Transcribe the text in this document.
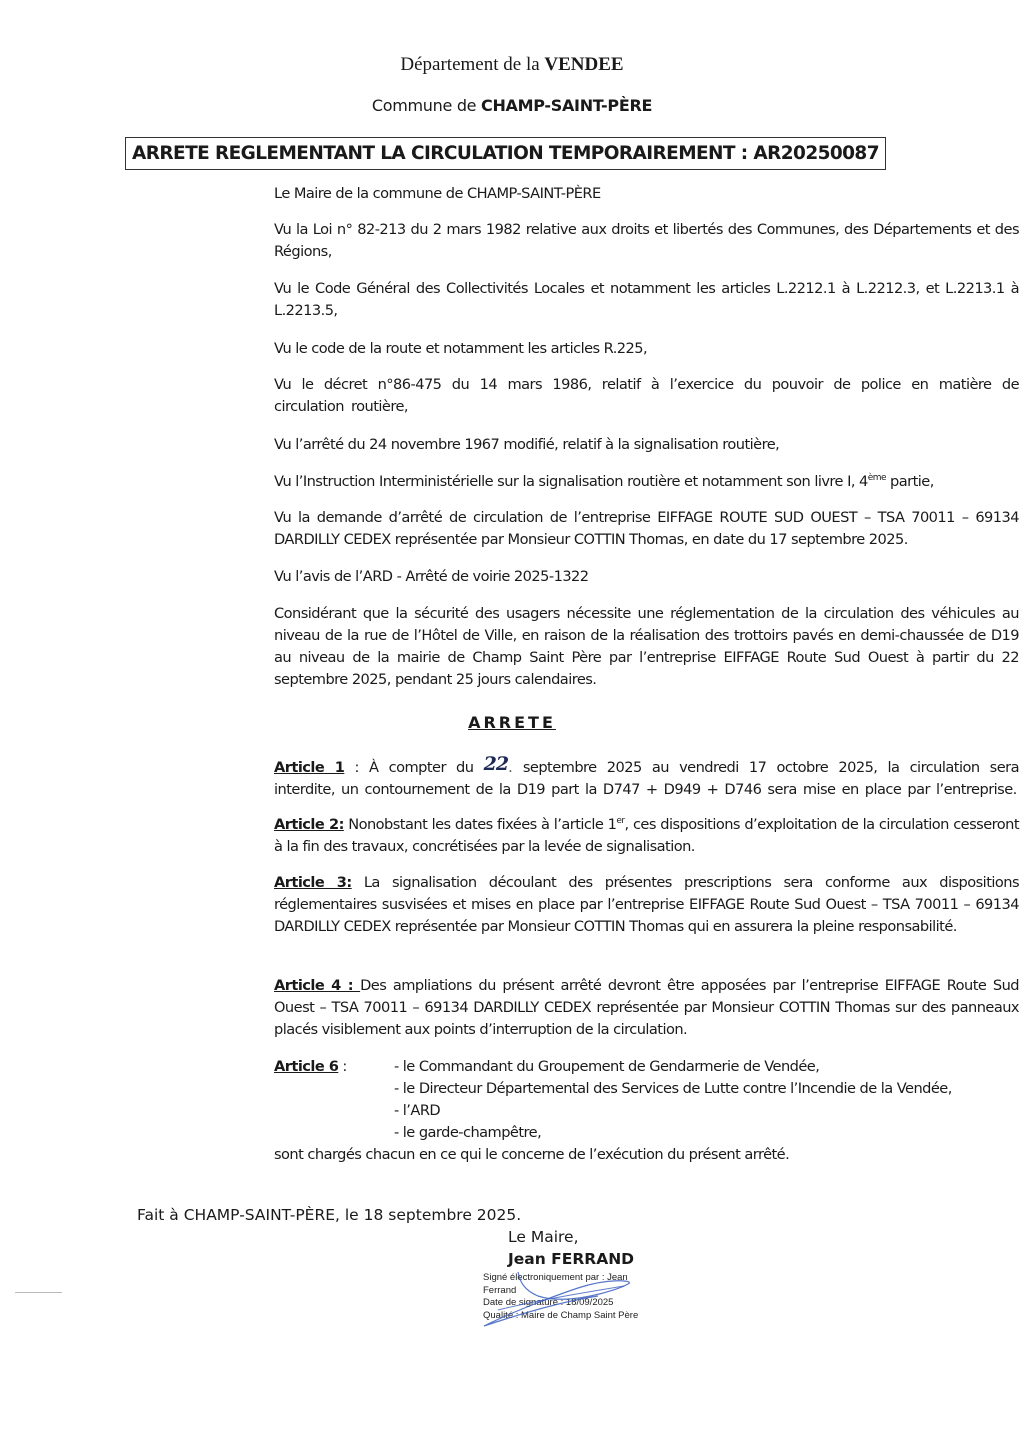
Département de la VENDEE
Commune de CHAMP-SAINT-PÈRE
ARRETE REGLEMENTANT LA CIRCULATION TEMPORAIREMENT : AR20250087

Le Maire de la commune de CHAMP-SAINT-PÈRE

Vu la Loi n° 82-213 du 2 mars 1982 relative aux droits et libertés des Communes, des Départements et des Régions,

Vu le Code Général des Collectivités Locales et notamment les articles L.2212.1 à L.2212.3, et L.2213.1 à L.2213.5,

Vu le code de la route et notamment les articles R.225,

Vu le décret n°86-475 du 14 mars 1986, relatif à l’exercice du pouvoir de police en matière de circulation routière,

Vu l’arrêté du 24 novembre 1967 modifié, relatif à la signalisation routière,

Vu l’Instruction Interministérielle sur la signalisation routière et notamment son livre I, 4ème partie,

Vu la demande d’arrêté de circulation de l’entreprise EIFFAGE ROUTE SUD OUEST – TSA 70011 – 69134 DARDILLY CEDEX représentée par Monsieur COTTIN Thomas, en date du 17 septembre 2025.

Vu l’avis de l’ARD - Arrêté de voirie 2025-1322

Considérant que la sécurité des usagers nécessite une réglementation de la circulation des véhicules au niveau de la rue de l’Hôtel de Ville, en raison de la réalisation des trottoirs pavés en demi-chaussée de D19 au niveau de la mairie de Champ Saint Père par l’entreprise EIFFAGE Route Sud Ouest à partir du 22 septembre 2025, pendant 25 jours calendaires.

Article 1 : À compter du 22. septembre 2025 au vendredi 17 octobre 2025, la circulation sera interdite, un contournement de la D19 part la D747 + D949 + D746 sera mise en place par l’entreprise.

Article 2: Nonobstant les dates fixées à l’article 1er, ces dispositions d’exploitation de la circulation cesseront à la fin des travaux, concrétisées par la levée de signalisation.

Article 3: La signalisation découlant des présentes prescriptions sera conforme aux dispositions réglementaires susvisées et mises en place par l’entreprise EIFFAGE Route Sud Ouest – TSA 70011 – 69134 DARDILLY CEDEX représentée par Monsieur COTTIN Thomas qui en assurera la pleine responsabilité.

Article 4 : Des ampliations du présent arrêté devront être apposées par l’entreprise EIFFAGE Route Sud Ouest – TSA 70011 – 69134 DARDILLY CEDEX représentée par Monsieur COTTIN Thomas sur des panneaux placés visiblement aux points d’interruption de la circulation.

Article 6 :	- le Commandant du Groupement de Gendarmerie de Vendée,
- le Directeur Départemental des Services de Lutte contre l’Incendie de la Vendée,
- l’ARD
- le garde-champêtre,

sont chargés chacun en ce qui le concerne de l’exécution du présent arrêté.

ARRETE
Fait à CHAMP-SAINT-PÈRE, le 18 septembre 2025.
Le Maire,
Jean FERRAND
Signé électroniquement par : Jean
Ferrand
Date de signature : 18/09/2025
Qualité : Maire de Champ Saint Père
